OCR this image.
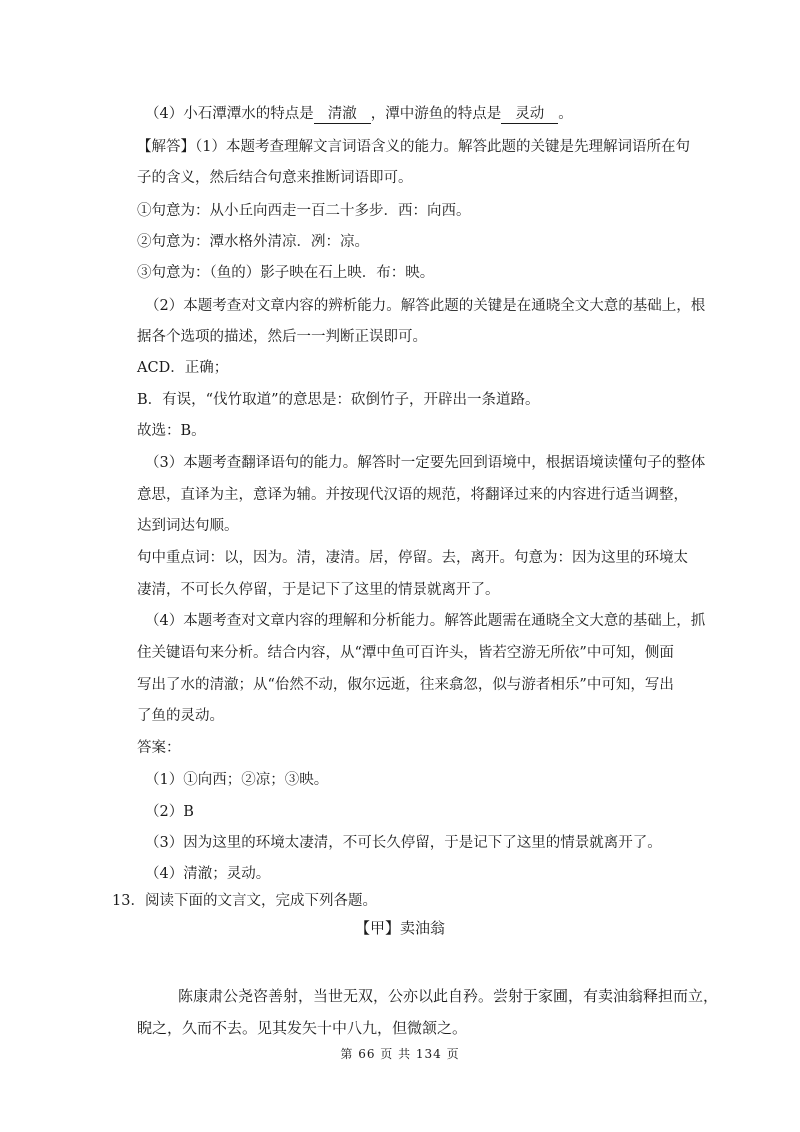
（4）小石潭潭水的特点是 清澈 ，潭中游鱼的特点是 灵动 。

【解答】（1）本题考查理解文言词语含义的能力。解答此题的关键是先理解词语所在句

子的含义，然后结合句意来推断词语即可。

①句意为：从小丘向西走一百二十多步．西：向西。

②句意为：潭水格外清凉．冽：凉。

③句意为：（鱼的）影子映在石上映．布：映。

（2）本题考查对文章内容的辨析能力。解答此题的关键是在通晓全文大意的基础上，根

据各个选项的描述，然后一一判断正误即可。

ACD．正确；

B．有误，“伐竹取道”的意思是：砍倒竹子，开辟出一条道路。

故选：B。

（3）本题考查翻译语句的能力。解答时一定要先回到语境中，根据语境读懂句子的整体

意思，直译为主，意译为辅。并按现代汉语的规范，将翻译过来的内容进行适当调整，

达到词达句顺。

句中重点词：以，因为。清，凄清。居，停留。去，离开。句意为：因为这里的环境太

凄清，不可长久停留，于是记下了这里的情景就离开了。

（4）本题考查对文章内容的理解和分析能力。解答此题需在通晓全文大意的基础上，抓

住关键语句来分析。结合内容，从“潭中鱼可百许头，皆若空游无所依”中可知，侧面

写出了水的清澈；从“佁然不动，俶尔远逝，往来翕忽，似与游者相乐”中可知，写出

了鱼的灵动。

答案：

（1）①向西；②凉；③映。

（2）B

（3）因为这里的环境太凄清，不可长久停留，于是记下了这里的情景就离开了。

（4）清澈；灵动。

13．阅读下面的文言文，完成下列各题。

【甲】卖油翁

陈康肃公尧咨善射，当世无双，公亦以此自矜。尝射于家圃，有卖油翁释担而立，

睨之，久而不去。见其发矢十中八九，但微颔之。

第 66 页 共 134 页
